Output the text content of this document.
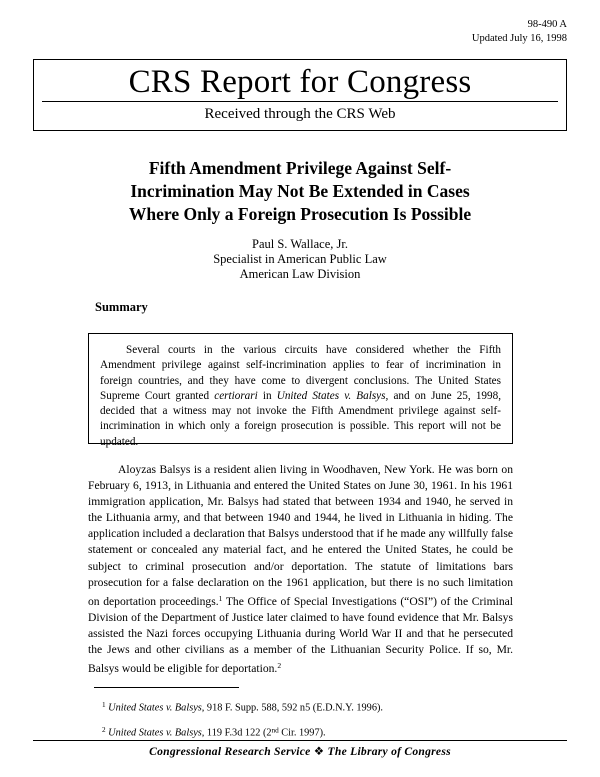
98-490 A
Updated July 16, 1998
CRS Report for Congress
Received through the CRS Web
Fifth Amendment Privilege Against Self-
Incrimination May Not Be Extended in Cases
Where Only a Foreign Prosecution Is Possible
Paul S. Wallace, Jr.
Specialist in American Public Law
American Law Division
Summary
Several courts in the various circuits have considered whether the Fifth Amendment privilege against self-incrimination applies to fear of incrimination in foreign countries, and they have come to divergent conclusions. The United States Supreme Court granted certiorari in United States v. Balsys, and on June 25, 1998, decided that a witness may not invoke the Fifth Amendment privilege against self-incrimination in which only a foreign prosecution is possible. This report will not be updated.
Aloyzas Balsys is a resident alien living in Woodhaven, New York. He was born on February 6, 1913, in Lithuania and entered the United States on June 30, 1961. In his 1961 immigration application, Mr. Balsys had stated that between 1934 and 1940, he served in the Lithuania army, and that between 1940 and 1944, he lived in Lithuania in hiding. The application included a declaration that Balsys understood that if he made any willfully false statement or concealed any material fact, and he entered the United States, he could be subject to criminal prosecution and/or deportation. The statute of limitations bars prosecution for a false declaration on the 1961 application, but there is no such limitation on deportation proceedings.$^1$ The Office of Special Investigations (“OSI”) of the Criminal Division of the Department of Justice later claimed to have found evidence that Mr. Balsys assisted the Nazi forces occupying Lithuania during World War II and that he persecuted the Jews and other civilians as a member of the Lithuanian Security Police. If so, Mr. Balsys would be eligible for deportation.$^2$
$^1$ United States v. Balsys, 918 F. Supp. 588, 592 n5 (E.D.N.Y. 1996).
$^2$ United States v. Balsys, 119 F.3d 122 (2nd Cir. 1997).
Congressional Research Service ❖ The Library of Congress
